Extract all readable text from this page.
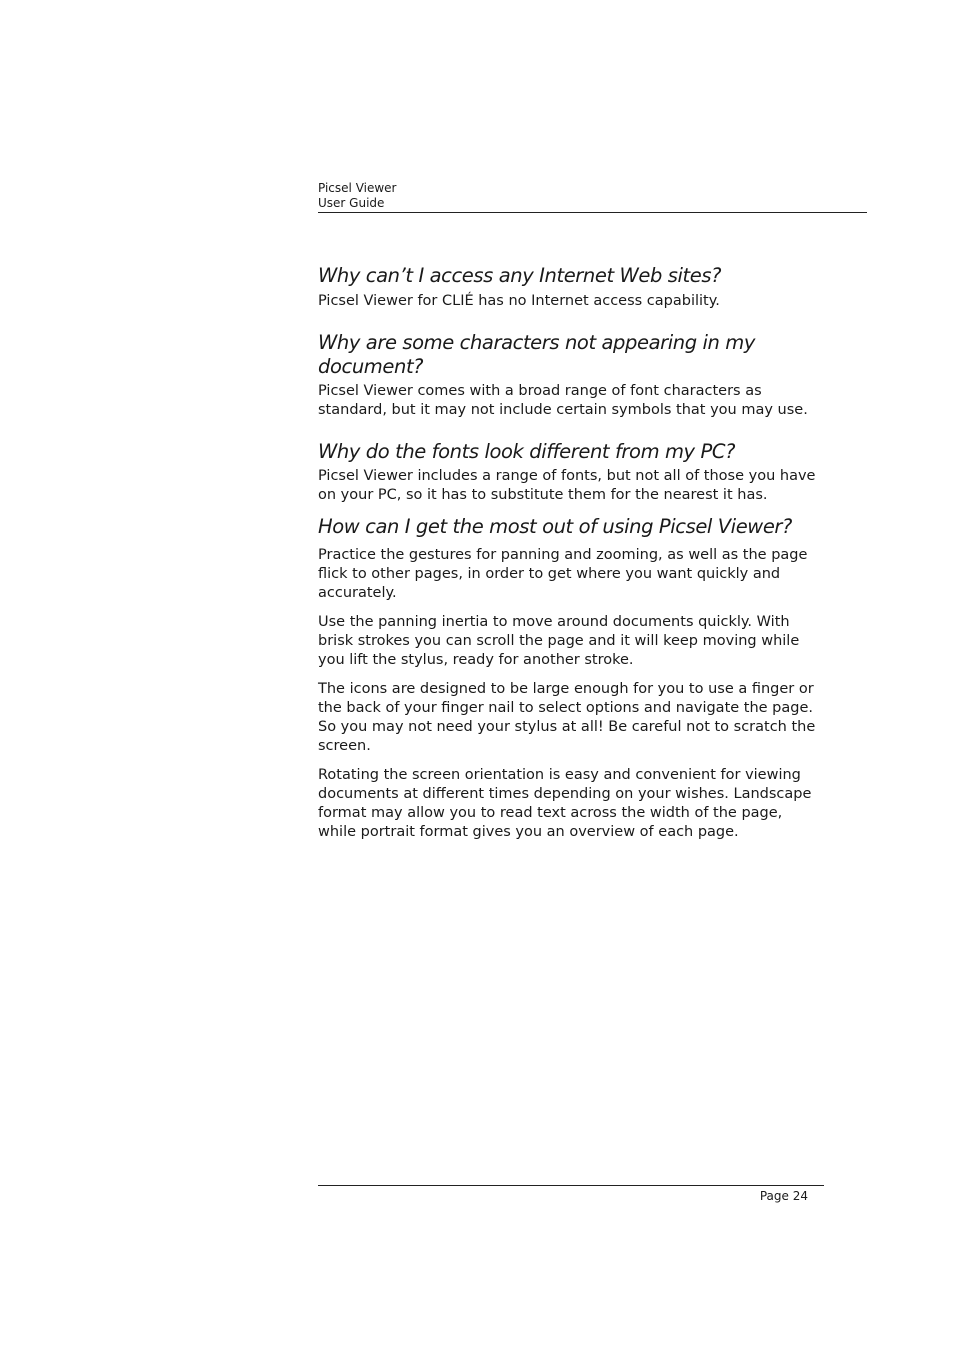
Picsel Viewer
User Guide
Why can’t I access any Internet Web sites?

Picsel Viewer for CLIÉ has no Internet access capability.

Why are some characters not appearing in my document?

Picsel Viewer comes with a broad range of font characters as standard, but it may not include certain symbols that you may use.

Why do the fonts look different from my PC?

Picsel Viewer includes a range of fonts, but not all of those you have on your PC, so it has to substitute them for the nearest it has.

How can I get the most out of using Picsel Viewer?

Practice the gestures for panning and zooming, as well as the page flick to other pages, in order to get where you want quickly and accurately.

Use the panning inertia to move around documents quickly. With brisk strokes you can scroll the page and it will keep moving while you lift the stylus, ready for another stroke.

The icons are designed to be large enough for you to use a finger or the back of your finger nail to select options and navigate the page. So you may not need your stylus at all! Be careful not to scratch the screen.

Rotating the screen orientation is easy and convenient for viewing documents at different times depending on your wishes. Landscape format may allow you to read text across the width of the page, while portrait format gives you an overview of each page.

Page 24
